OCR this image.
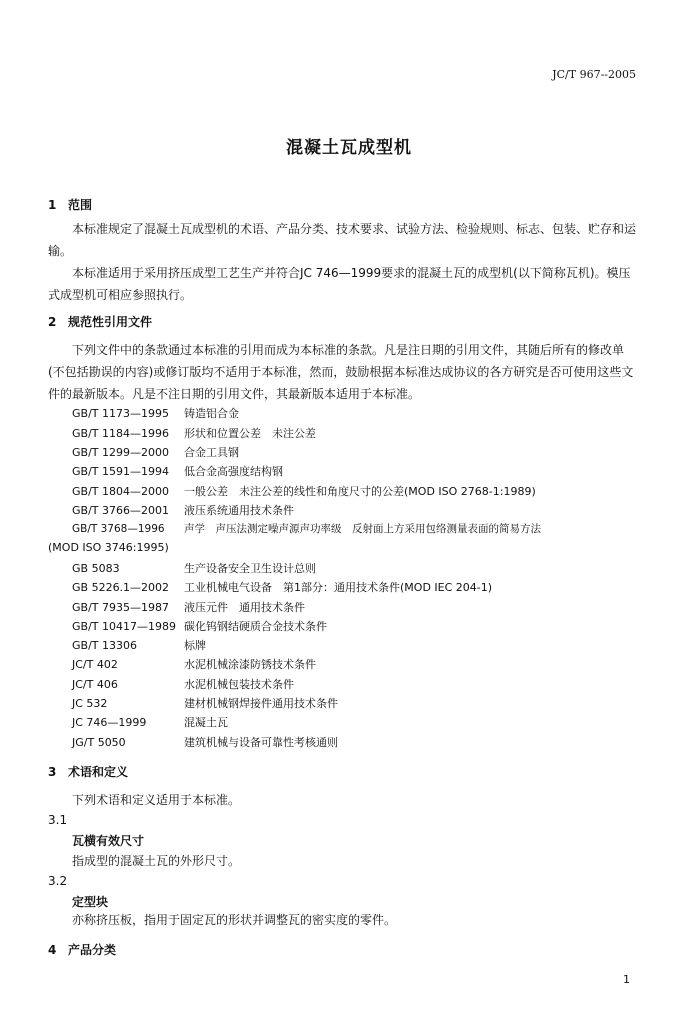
JC/T 967--2005
混凝土瓦成型机
1 范围
本标准规定了混凝土瓦成型机的术语、产品分类、技术要求、试验方法、检验规则、标志、包装、贮存和运输。
本标准适用于采用挤压成型工艺生产并符合JC 746—1999要求的混凝土瓦的成型机(以下简称瓦机)。模压式成型机可相应参照执行。
2 规范性引用文件
下列文件中的条款通过本标准的引用而成为本标准的条款。凡是注日期的引用文件，其随后所有的修改单(不包括勘误的内容)或修订版均不适用于本标准，然而，鼓励根据本标准达成协议的各方研究是否可使用这些文件的最新版本。凡是不注日期的引用文件，其最新版本适用于本标准。
GB/T 1173—1995 铸造铝合金
GB/T 1184—1996 形状和位置公差　未注公差
GB/T 1299—2000 合金工具钢
GB/T 1591—1994 低合金高强度结构钢
GB/T 1804—2000 一般公差　未注公差的线性和角度尺寸的公差(MOD ISO 2768-1:1989)
GB/T 3766—2001 液压系统通用技术条件
GB/T 3768—1996 声学　声压法测定噪声源声功率级　反射面上方采用包络测量表面的简易方法
(MOD ISO 3746:1995)
GB 5083	生产设备安全卫生设计总则
GB 5226.1—2002 工业机械电气设备　第1部分：通用技术条件(MOD IEC 204-1)
GB/T 7935—1987 液压元件　通用技术条件
GB/T 10417—1989 碳化钨钢结硬质合金技术条件
GB/T 13306	标牌
JC/T 402	水泥机械涂漆防锈技术条件
JC/T 406	水泥机械包装技术条件
JC 532	建材机械钢焊接件通用技术条件
JC 746—1999	混凝土瓦
JG/T 5050	建筑机械与设备可靠性考核通则
3 术语和定义
下列术语和定义适用于本标准。
3.1
瓦横有效尺寸
指成型的混凝土瓦的外形尺寸。
3.2
定型块
亦称挤压板，指用于固定瓦的形状并调整瓦的密实度的零件。
4 产品分类
1
